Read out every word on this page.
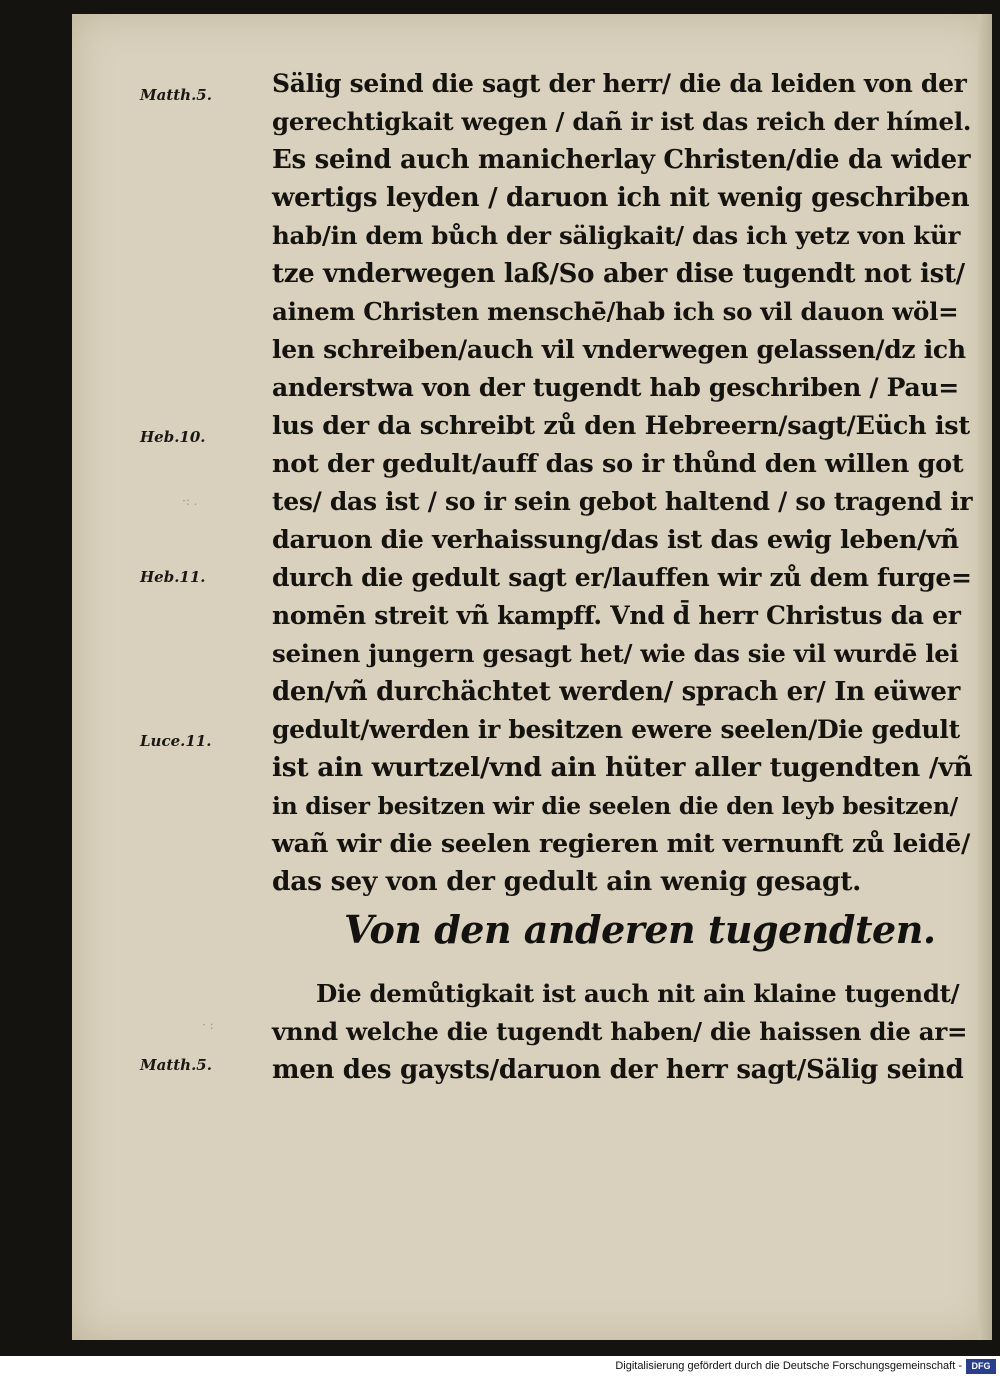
Matth.5.
Heb.10.
Heb.11.
Luce.11.
Matth.5.
·: .
· :
Sälig seind die sagt der herr/ die da leiden von der
gerechtigkait wegen / dañ ir ist das reich der hímel.
Es seind auch manicherlay Christen/die da wider
wertigs leyden / daruon ich nit wenig geschriben
hab/in dem bůch der säligkait/ das ich yetz von kür
tze vnderwegen laß/So aber dise tugendt not ist/
ainem Christen menschē/hab ich so vil dauon wöl=
len schreiben/auch vil vnderwegen gelassen/dz ich
anderstwa von der tugendt hab geschriben / Pau=
lus der da schreibt zů den Hebreern/sagt/Eüch ist
not der gedult/auff das so ir thůnd den willen got
tes/ das ist / so ir sein gebot haltend / so tragend ir
daruon die verhaissung/das ist das ewig leben/vñ
durch die gedult sagt er/lauffen wir zů dem furge=
nomēn streit vñ kampff. Vnd d̄ herr Christus da er
seinen jungern gesagt het/ wie das sie vil wurdē lei
den/vñ durchächtet werden/ sprach er/ In eüwer
gedult/werden ir besitzen ewere seelen/Die gedult
ist ain wurtzel/vnd ain hüter aller tugendten /vñ
in diser besitzen wir die seelen die den leyb besitzen/
wañ wir die seelen regieren mit vernunft zů leidē/
das sey von der gedult ain wenig gesagt.
Von den anderen tugendten.
Die demůtigkait ist auch nit ain klaine tugendt/
vnnd welche die tugendt haben/ die haissen die ar=
men des gaysts/daruon der herr sagt/Sälig seind
Digitalisierung gefördert durch die Deutsche Forschungsgemeinschaft -	DFG
